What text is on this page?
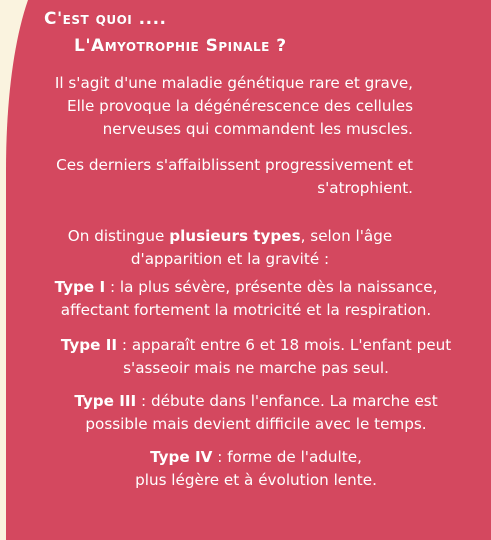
C'est quoi ....
L'Amyotrophie Spinale ?
Il s'agit d'une maladie génétique rare et grave,
Elle provoque la dégénérescence des cellules
nerveuses qui commandent les muscles.
Ces derniers s'affaiblissent progressivement et
s'atrophient.
On distingue plusieurs types, selon l'âge
d'apparition et la gravité :
Type I : la plus sévère, présente dès la naissance,
affectant fortement la motricité et la respiration.
Type II : apparaît entre 6 et 18 mois. L'enfant peut
s'asseoir mais ne marche pas seul.
Type III : débute dans l'enfance. La marche est
possible mais devient difficile avec le temps.
Type IV : forme de l'adulte,
plus légère et à évolution lente.
